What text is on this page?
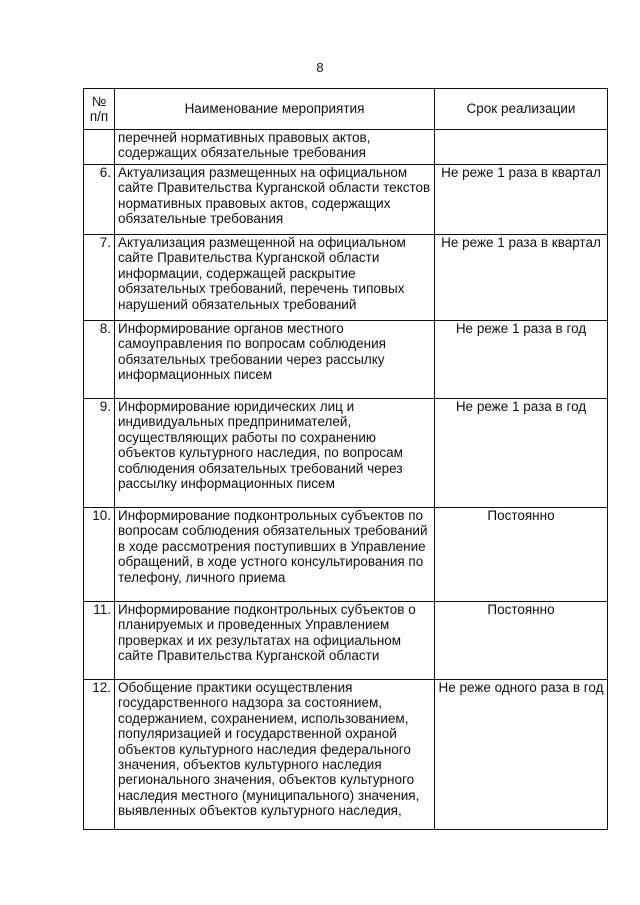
8
№ п/п	Наименование мероприятия	Срок реализации
	перечней нормативных правовых актов, содержащих обязательные требования	
6.	Актуализация размещенных на официальном сайте Правительства Курганской области текстов нормативных правовых актов, содержащих обязательные требования	Не реже 1 раза в квартал
7.	Актуализация размещенной на официальном сайте Правительства Курганской области информации, содержащей раскрытие обязательных требований, перечень типовых нарушений обязательных требований	Не реже 1 раза в квартал
8.	Информирование органов местного самоуправления по вопросам соблюдения обязательных требовании через рассылку информационных писем	Не реже 1 раза в год
9.	Информирование юридических лиц и индивидуальных предпринимателей, осуществляющих работы по сохранению объектов культурного наследия, по вопросам соблюдения обязательных требований через рассылку информационных писем	Не реже 1 раза в год
10.	Информирование подконтрольных субъектов по вопросам соблюдения обязательных требований в ходе рассмотрения поступивших в Управление обращений, в ходе устного консультирования по телефону, личного приема	Постоянно
11.	Информирование подконтрольных субъектов о планируемых и проведенных Управлением проверках и их результатах на официальном сайте Правительства Курганской области	Постоянно
12.	Обобщение практики осуществления государственного надзора за состоянием, содержанием, сохранением, использованием, популяризацией и государственной охраной объектов культурного наследия федерального значения, объектов культурного наследия регионального значения, объектов культурного наследия местного (муниципального) значения, выявленных объектов культурного наследия,	Не реже одного раза в год
